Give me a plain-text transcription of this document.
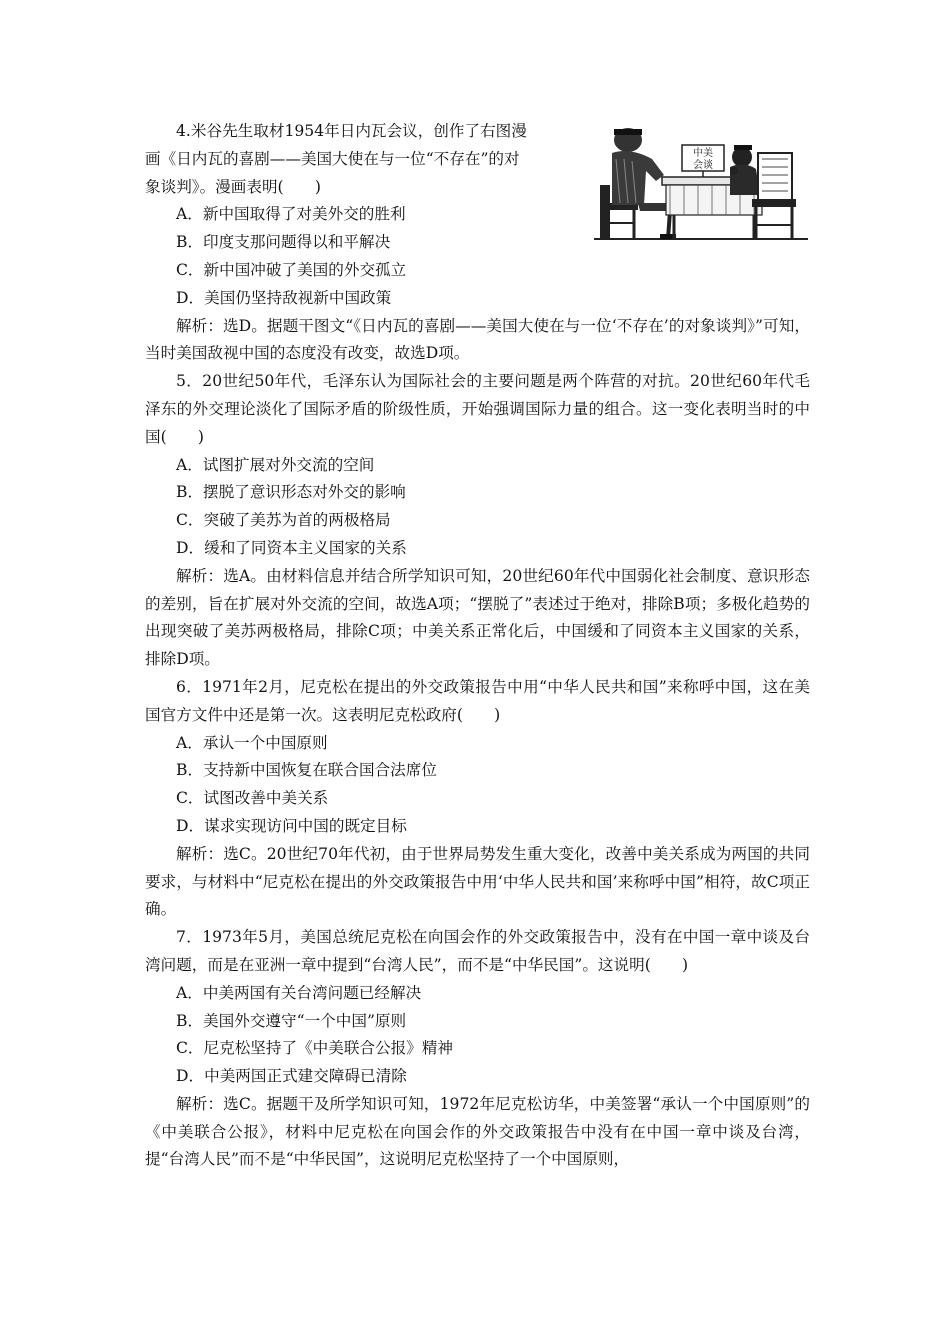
中美
会谈

4.米谷先生取材1954年日内瓦会议，创作了右图漫

画《日内瓦的喜剧——美国大使在与一位“不存在”的对

象谈判》。漫画表明(　　)

A．新中国取得了对美外交的胜利

B．印度支那问题得以和平解决

C．新中国冲破了美国的外交孤立

D．美国仍坚持敌视新中国政策

解析：选D。据题干图文“《日内瓦的喜剧——美国大使在与一位‘不存在’的对象谈判》”可知，当时美国敌视中国的态度没有改变，故选D项。

5．20世纪50年代，毛泽东认为国际社会的主要问题是两个阵营的对抗。20世纪60年代毛泽东的外交理论淡化了国际矛盾的阶级性质，开始强调国际力量的组合。这一变化表明当时的中国(　　)

A．试图扩展对外交流的空间

B．摆脱了意识形态对外交的影响

C．突破了美苏为首的两极格局

D．缓和了同资本主义国家的关系

解析：选A。由材料信息并结合所学知识可知，20世纪60年代中国弱化社会制度、意识形态的差别，旨在扩展对外交流的空间，故选A项；“摆脱了”表述过于绝对，排除B项；多极化趋势的出现突破了美苏两极格局，排除C项；中美关系正常化后，中国缓和了同资本主义国家的关系，排除D项。

6．1971年2月，尼克松在提出的外交政策报告中用“中华人民共和国”来称呼中国，这在美国官方文件中还是第一次。这表明尼克松政府(　　)

A．承认一个中国原则

B．支持新中国恢复在联合国合法席位

C．试图改善中美关系

D．谋求实现访问中国的既定目标

解析：选C。20世纪70年代初，由于世界局势发生重大变化，改善中美关系成为两国的共同要求，与材料中“尼克松在提出的外交政策报告中用‘中华人民共和国’来称呼中国”相符，故C项正确。

7．1973年5月，美国总统尼克松在向国会作的外交政策报告中，没有在中国一章中谈及台湾问题，而是在亚洲一章中提到“台湾人民”，而不是“中华民国”。这说明(　　)

A．中美两国有关台湾问题已经解决

B．美国外交遵守“一个中国”原则

C．尼克松坚持了《中美联合公报》精神

D．中美两国正式建交障碍已清除

解析：选C。据题干及所学知识可知，1972年尼克松访华，中美签署“承认一个中国原则”的《中美联合公报》，材料中尼克松在向国会作的外交政策报告中没有在中国一章中谈及台湾，提“台湾人民”而不是“中华民国”，这说明尼克松坚持了一个中国原则，
